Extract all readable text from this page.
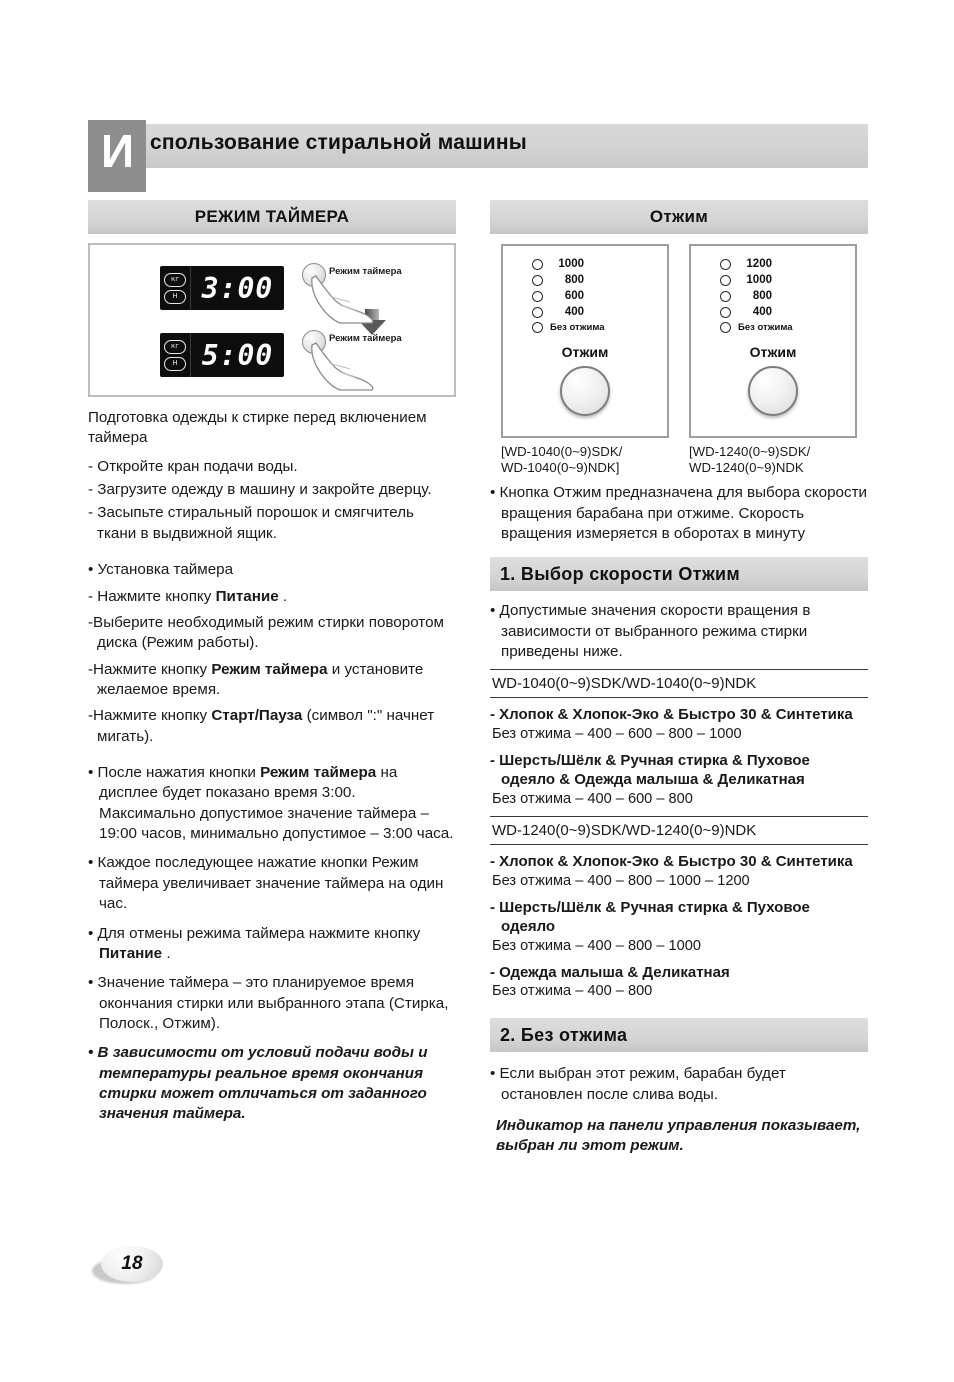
И спользование стиральной машины
РЕЖИМ ТАЙМЕРА
кг
Н 3:00
кг
Н 5:00
Режим таймера
Режим таймера

Подготовка одежды к стирке перед включением таймера

- Откройте кран подачи воды.

- Загрузите одежду в машину и закройте дверцу.

- Засыпьте стиральный порошок и смягчитель ткани в выдвижной ящик.

• Установка таймера

- Нажмите кнопку Питание .

-Выберите необходимый режим стирки поворотом диска (Режим работы).

-Нажмите кнопку Режим таймера и установите желаемое время.

-Нажмите кнопку Старт/Пауза (символ ":" начнет мигать).

• После нажатия кнопки Режим таймера на дисплее будет показано время 3:00. Максимально допустимое значение таймера – 19:00 часов, минимально допустимое – 3:00 часа.

• Каждое последующее нажатие кнопки Режим таймера увеличивает значение таймера на один час.

• Для отмены режима таймера нажмите кнопку Питание .

• Значение таймера – это планируемое время окончания стирки или выбранного этапа (Стирка, Полоск., Отжим).

• В зависимости от условий подачи воды и температуры реальное время окончания стирки может отличаться от заданного значения таймера.

Отжим
1000
800
600
400
Без отжима
Отжим
[WD-1040(0~9)SDK/
WD-1040(0~9)NDK]
1200
1000
800
400
Без отжима
Отжим
[WD-1240(0~9)SDK/
WD-1240(0~9)NDK

• Кнопка Отжим предназначена для выбора скорости вращения барабана при отжиме. Скорость вращения измеряется в оборотах в минуту

1. Выбор скорости Отжим

• Допустимые значения скорости вращения в зависимости от выбранного режима стирки приведены ниже.

WD-1040(0~9)SDK/WD-1040(0~9)NDK
- Хлопок & Хлопок-Эко & Быстро 30 & Синтетика
Без отжима – 400 – 600 – 800 – 1000
- Шерсть/Шёлк & Ручная стирка & Пуховое одеяло & Одежда малыша & Деликатная
Без отжима – 400 – 600 – 800
WD-1240(0~9)SDK/WD-1240(0~9)NDK
- Хлопок & Хлопок-Эко & Быстро 30 & Синтетика
Без отжима – 400 – 800 – 1000 – 1200
- Шерсть/Шёлк & Ручная стирка & Пуховое одеяло
Без отжима – 400 – 800 – 1000
- Одежда малыша & Деликатная
Без отжима – 400 – 800
2. Без отжима

• Если выбран этот режим, барабан будет остановлен после слива воды.

Индикатор на панели управления показывает, выбран ли этот режим.

18
